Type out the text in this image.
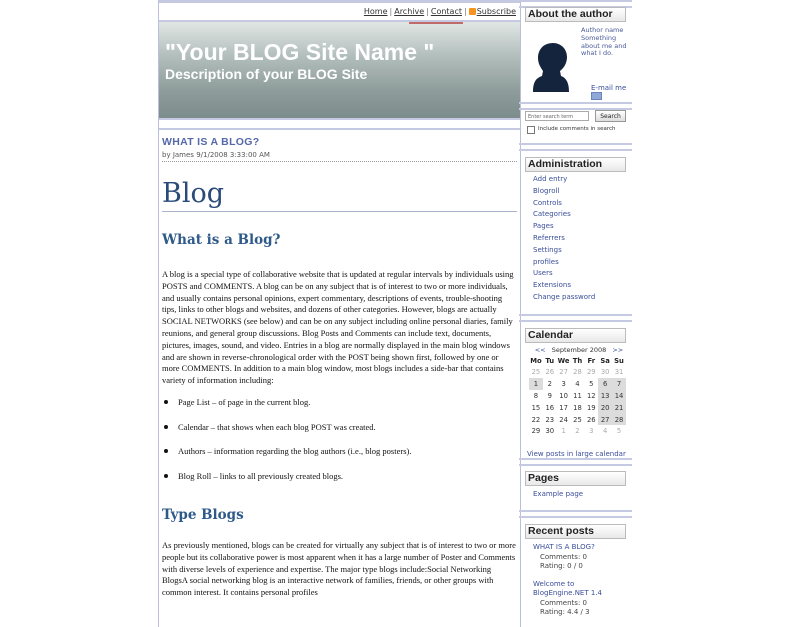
Home | Archive | Contact | Subscribe
"Your BLOG Site Name "
Description of your BLOG Site
WHAT IS A BLOG?
by James 9/1/2008 3:33:00 AM
Blog
What is a Blog?

A blog is a special type of collaborative website that is updated at regular intervals by individuals using POSTS and COMMENTS. A blog can be on any subject that is of interest to two or more individuals, and usually contains personal opinions, expert commentary, descriptions of events, trouble-shooting tips, links to other blogs and websites, and dozens of other categories. However, blogs are actually SOCIAL NETWORKS (see below) and can be on any subject including online personal diaries, family reunions, and general group discussions. Blog Posts and Comments can include text, documents, pictures, images, sound, and video. Entries in a blog are normally displayed in the main blog windows and are shown in reverse-chronological order with the POST being shown first, followed by one or more COMMENTS. In addition to a main blog window, most blogs includes a side-bar that contains variety of information including:

Page List – of page in the current blog.
Calendar – that shows when each blog POST was created.
Authors – information regarding the blog authors (i.e., blog posters).
Blog Roll – links to all previously created blogs.
Type Blogs

As previously mentioned, blogs can be created for virtually any subject that is of interest to two or more people but its collaborative power is most apparent when it has a large number of Poster and Comments with diverse levels of experience and expertise. The major type blogs include:Social Networking BlogsA social networking blog is an interactive network of families, friends, or other groups with common interest. It contains personal profiles

About the author
Author name Something about me and what I do.
E-mail me
Enter search term	Search
Include comments in search
Administration
Add entry
Blogroll
Controls
Categories
Pages
Referrers
Settings
profiles
Users
Extensions
Change password
Calendar
<< September 2008 >>
Mo	Tu	We	Th	Fr	Sa	Su
25	26	27	28	29	30	31
1	2	3	4	5	6	7
8	9	10	11	12	13	14
15	16	17	18	19	20	21
22	23	24	25	26	27	28
29	30	1	2	3	4	5
View posts in large calendar
Pages
Example page
Recent posts
WHAT IS A BLOG?
Comments: 0
Rating: 0 / 0
Welcome to BlogEngine.NET 1.4
Comments: 0
Rating: 4.4 / 3
